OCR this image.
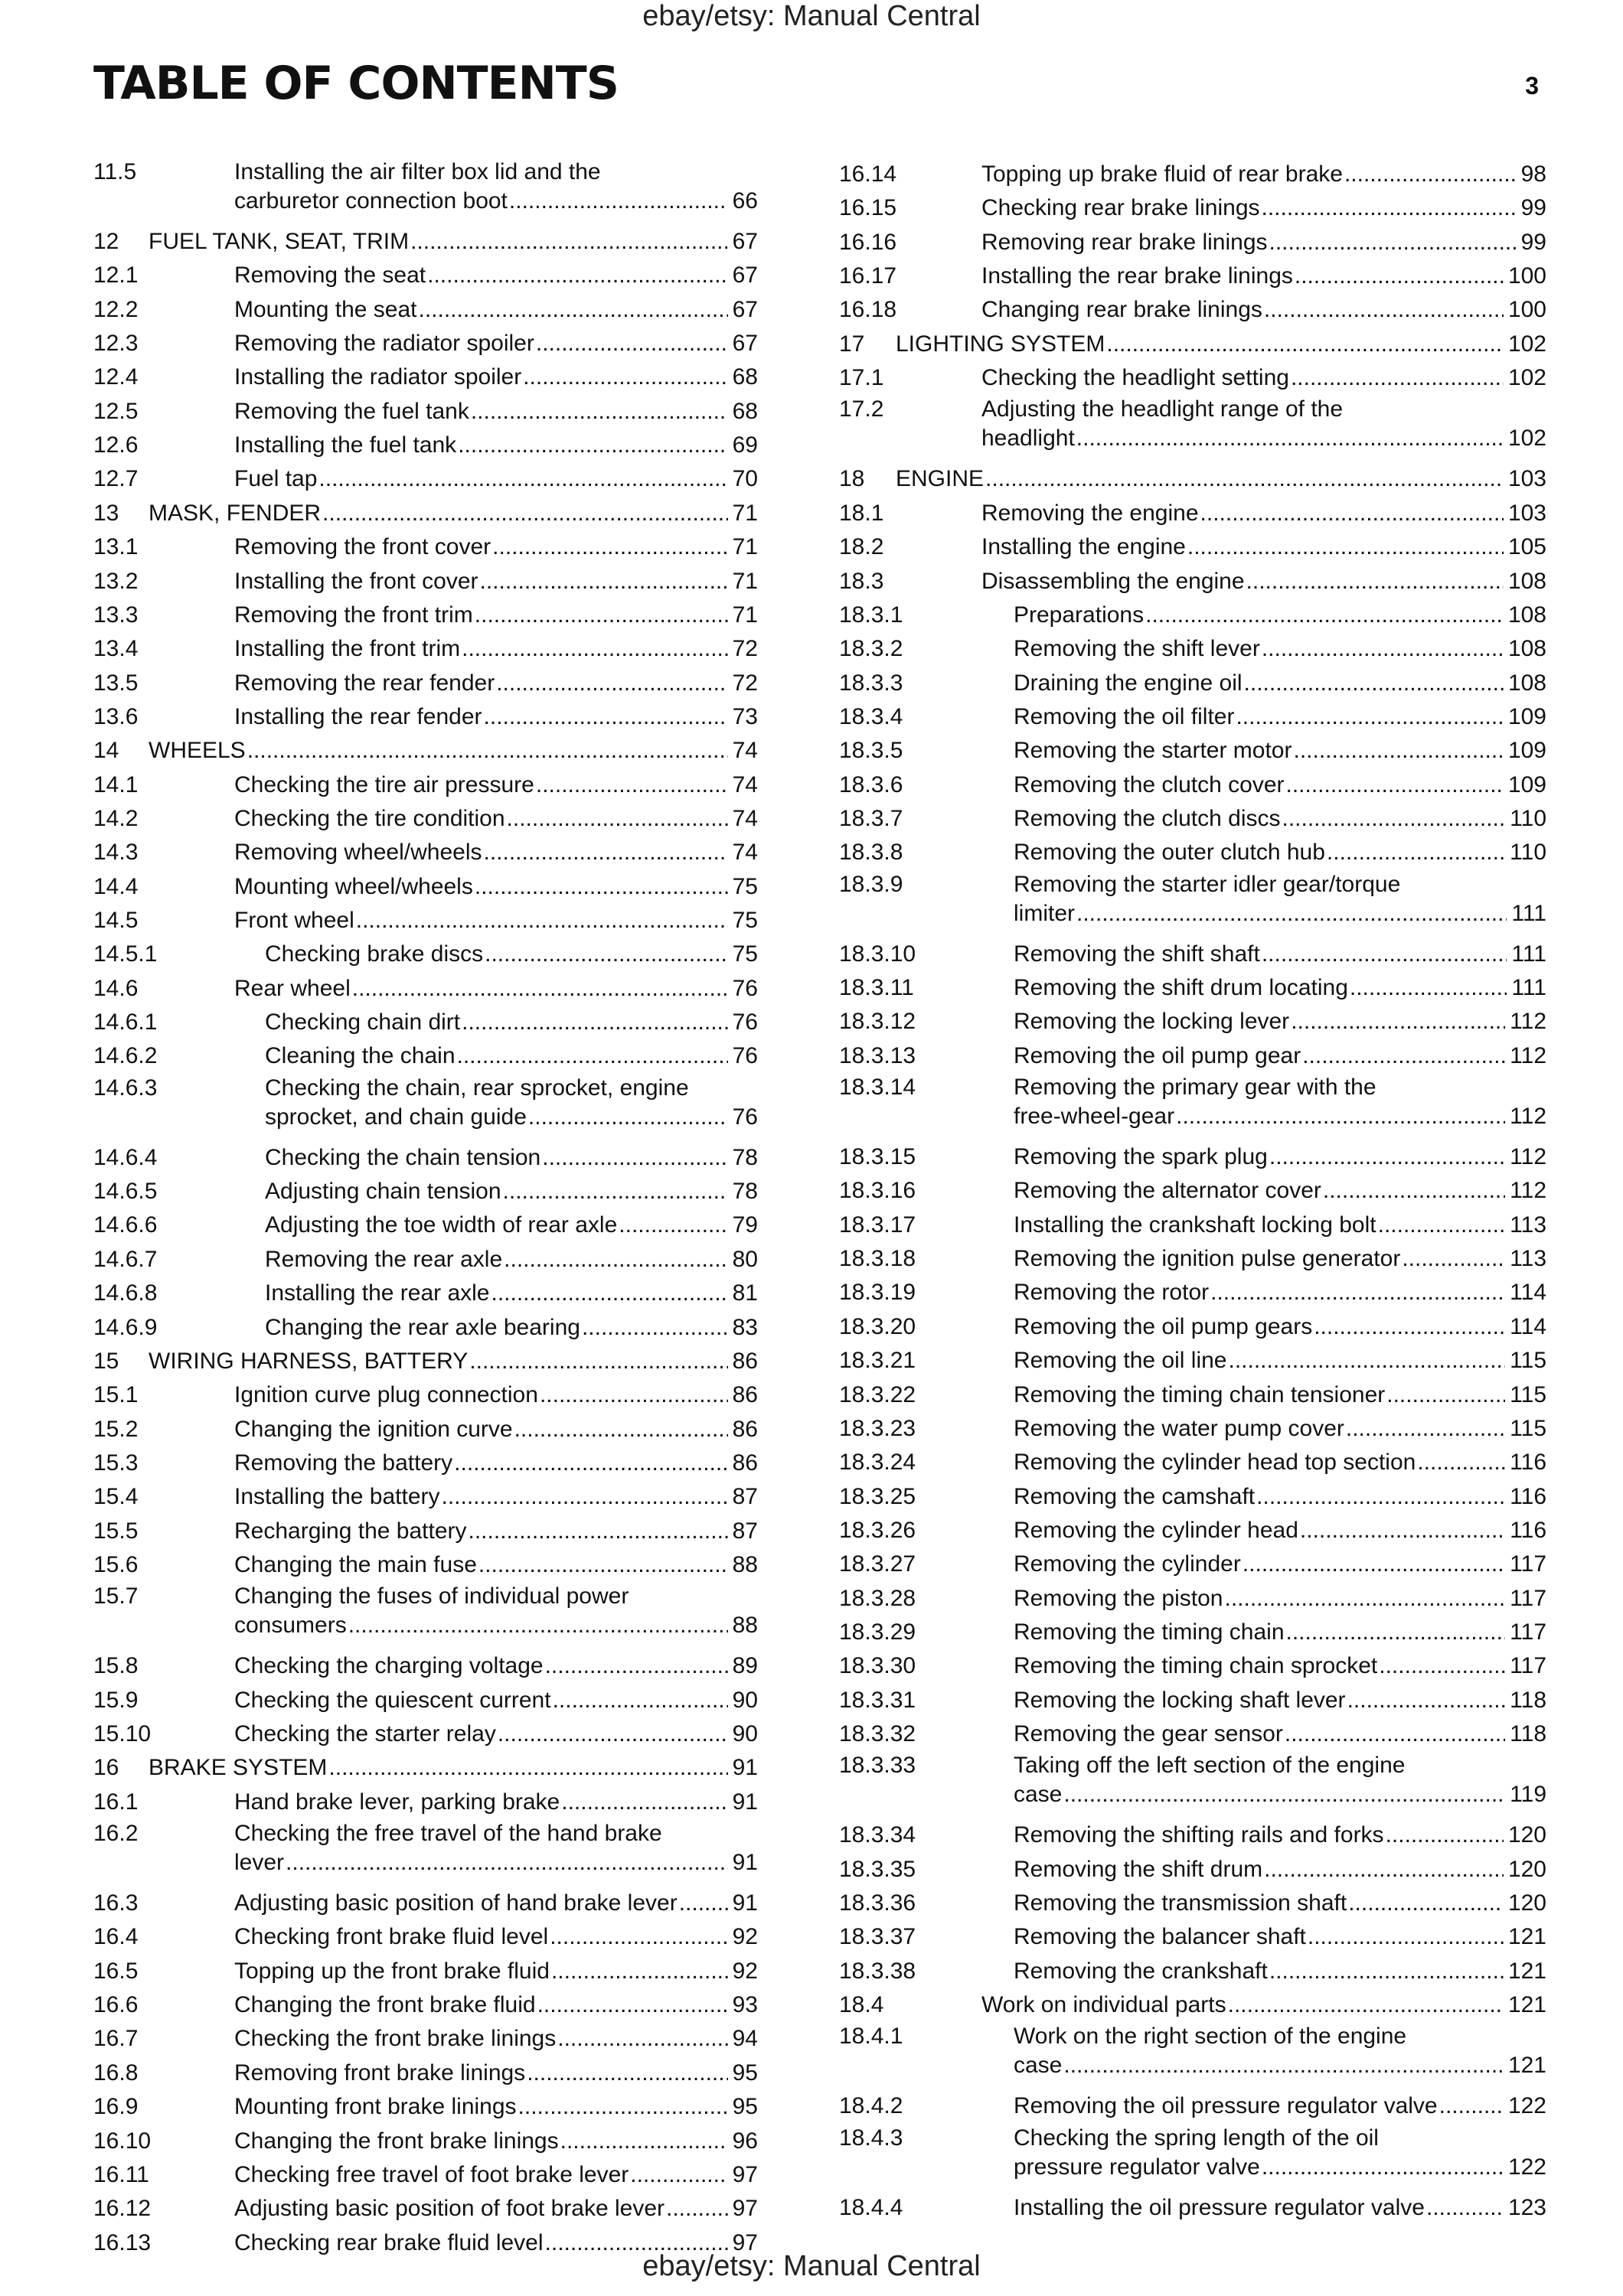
ebay/etsy: Manual Central
TABLE OF CONTENTS	3
11.5	Installing the air filter box lid and the
carburetor connection boot .....	66
12 FUEL TANK, SEAT, TRIM .....	67
12.1	Removing the seat .....	67
12.2	Mounting the seat .....	67
12.3	Removing the radiator spoiler .....	67
12.4	Installing the radiator spoiler .....	68
12.5	Removing the fuel tank .....	68
12.6	Installing the fuel tank .....	69
12.7	Fuel tap .....	70
13 MASK, FENDER .....	71
13.1	Removing the front cover .....	71
13.2	Installing the front cover .....	71
13.3	Removing the front trim .....	71
13.4	Installing the front trim .....	72
13.5	Removing the rear fender .....	72
13.6	Installing the rear fender .....	73
14 WHEELS .....	74
14.1	Checking the tire air pressure .....	74
14.2	Checking the tire condition .....	74
14.3	Removing wheel/wheels .....	74
14.4	Mounting wheel/wheels .....	75
14.5	Front wheel .....	75
14.5.1	Checking brake discs .....	75
14.6	Rear wheel .....	76
14.6.1	Checking chain dirt .....	76
14.6.2	Cleaning the chain .....	76
14.6.3	Checking the chain, rear sprocket, engine
sprocket, and chain guide .....	76
14.6.4	Checking the chain tension .....	78
14.6.5	Adjusting chain tension .....	78
14.6.6	Adjusting the toe width of rear axle .....	79
14.6.7	Removing the rear axle .....	80
14.6.8	Installing the rear axle .....	81
14.6.9	Changing the rear axle bearing .....	83
15 WIRING HARNESS, BATTERY .....	86
15.1	Ignition curve plug connection .....	86
15.2	Changing the ignition curve .....	86
15.3	Removing the battery .....	86
15.4	Installing the battery .....	87
15.5	Recharging the battery .....	87
15.6	Changing the main fuse .....	88
15.7	Changing the fuses of individual power
consumers .....	88
15.8	Checking the charging voltage .....	89
15.9	Checking the quiescent current .....	90
15.10	Checking the starter relay .....	90
16 BRAKE SYSTEM .....	91
16.1	Hand brake lever, parking brake .....	91
16.2	Checking the free travel of the hand brake
lever .....	91
16.3	Adjusting basic position of hand brake lever ..... 91
16.4	Checking front brake fluid level .....	92
16.5	Topping up the front brake fluid .....	92
16.6	Changing the front brake fluid .....	93
16.7	Checking the front brake linings .....	94
16.8	Removing front brake linings .....	95
16.9	Mounting front brake linings .....	95
16.10	Changing the front brake linings .....	96
16.11	Checking free travel of foot brake lever .....	97
16.12	Adjusting basic position of foot brake lever .....	97
16.13	Checking rear brake fluid level .....	97
16.14	Topping up brake fluid of rear brake .....	98
16.15	Checking rear brake linings .....	99
16.16	Removing rear brake linings .....	99
16.17	Installing the rear brake linings .....	100
16.18	Changing rear brake linings .....	100
17 LIGHTING SYSTEM .....	102
17.1	Checking the headlight setting .....	102
17.2	Adjusting the headlight range of the
headlight .....	102
18 ENGINE .....	103
18.1	Removing the engine .....	103
18.2	Installing the engine .....	105
18.3	Disassembling the engine .....	108
18.3.1	Preparations .....	108
18.3.2	Removing the shift lever .....	108
18.3.3	Draining the engine oil .....	108
18.3.4	Removing the oil filter .....	109
18.3.5	Removing the starter motor .....	109
18.3.6	Removing the clutch cover .....	109
18.3.7	Removing the clutch discs .....	110
18.3.8	Removing the outer clutch hub .....	110
18.3.9	Removing the starter idler gear/torque
limiter .....	111
18.3.10	Removing the shift shaft .....	111
18.3.11	Removing the shift drum locating .....	111
18.3.12	Removing the locking lever .....	112
18.3.13	Removing the oil pump gear .....	112
18.3.14	Removing the primary gear with the
free-wheel-gear .....	112
18.3.15	Removing the spark plug .....	112
18.3.16	Removing the alternator cover .....	112
18.3.17	Installing the crankshaft locking bolt .....	113
18.3.18	Removing the ignition pulse generator .....	113
18.3.19	Removing the rotor .....	114
18.3.20	Removing the oil pump gears .....	114
18.3.21	Removing the oil line .....	115
18.3.22	Removing the timing chain tensioner .....	115
18.3.23	Removing the water pump cover .....	115
18.3.24	Removing the cylinder head top section .....	116
18.3.25	Removing the camshaft .....	116
18.3.26	Removing the cylinder head .....	116
18.3.27	Removing the cylinder .....	117
18.3.28	Removing the piston .....	117
18.3.29	Removing the timing chain .....	117
18.3.30	Removing the timing chain sprocket .....	117
18.3.31	Removing the locking shaft lever .....	118
18.3.32	Removing the gear sensor .....	118
18.3.33	Taking off the left section of the engine
case .....	119
18.3.34	Removing the shifting rails and forks .....	120
18.3.35	Removing the shift drum .....	120
18.3.36	Removing the transmission shaft .....	120
18.3.37	Removing the balancer shaft .....	121
18.3.38	Removing the crankshaft .....	121
18.4	Work on individual parts .....	121
18.4.1	Work on the right section of the engine
case .....	121
18.4.2	Removing the oil pressure regulator valve .....	122
18.4.3	Checking the spring length of the oil
pressure regulator valve .....	122
18.4.4	Installing the oil pressure regulator valve .....	123
ebay/etsy: Manual Central
